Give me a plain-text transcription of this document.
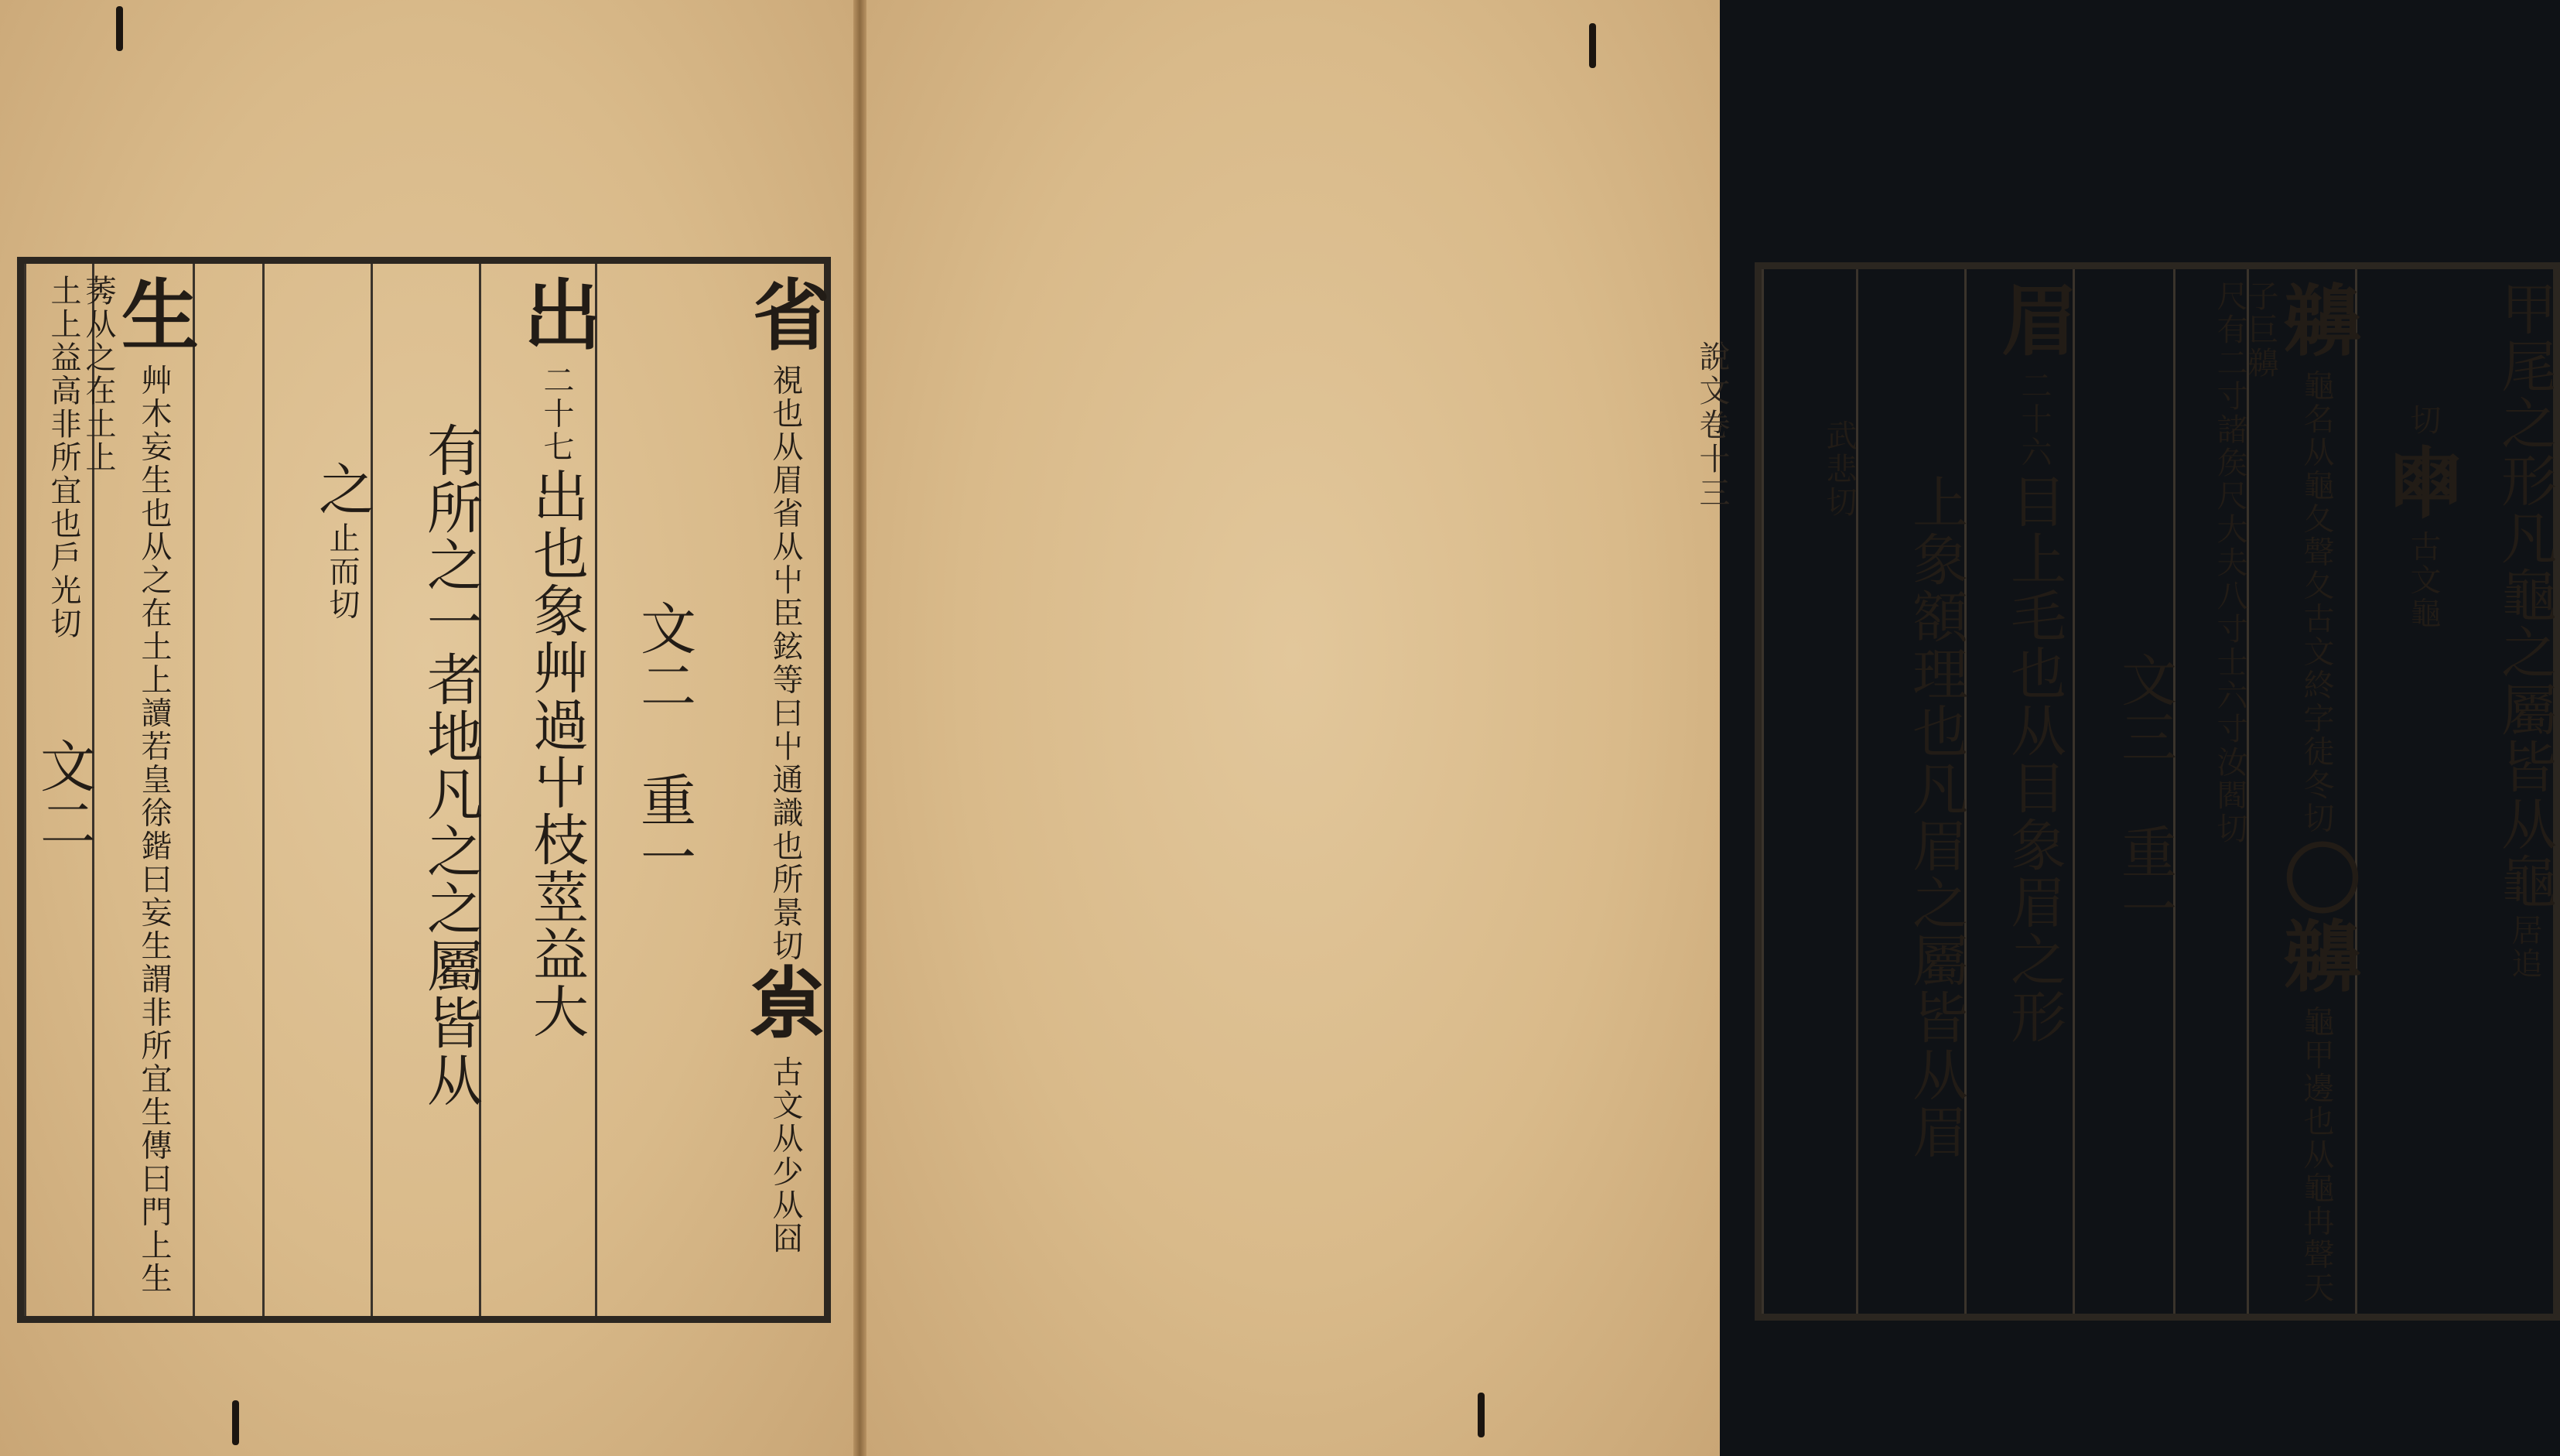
省 視也从眉省从屮臣鉉等曰屮通識也所景切 𡭴 古文从少从囧
文二　重一
出 二十七 出也象艸過屮枝莖益大
有所之一者地凡之之屬皆从
之 止而切
生 艸木妄生也从之在土上讀若皇徐鍇曰妄生謂非所宜生傳曰門上生莠从之在土上
土上益高非所宜也戶光切 文二
說文卷十三	甲尾之形凡龜之屬皆从龜 居追
切 𠁴 古文龜
䶏 龜名从龜夂聲夂古文終字徒冬切 〇䶏 龜甲邊也从龜冉聲天子巨䶏
尺有二寸諸矦尺大夫八寸士六寸汝閻切
文三　重一
眉 二十六 目上毛也从目象眉之形
上象額理也凡眉之屬皆从眉
武悲切
